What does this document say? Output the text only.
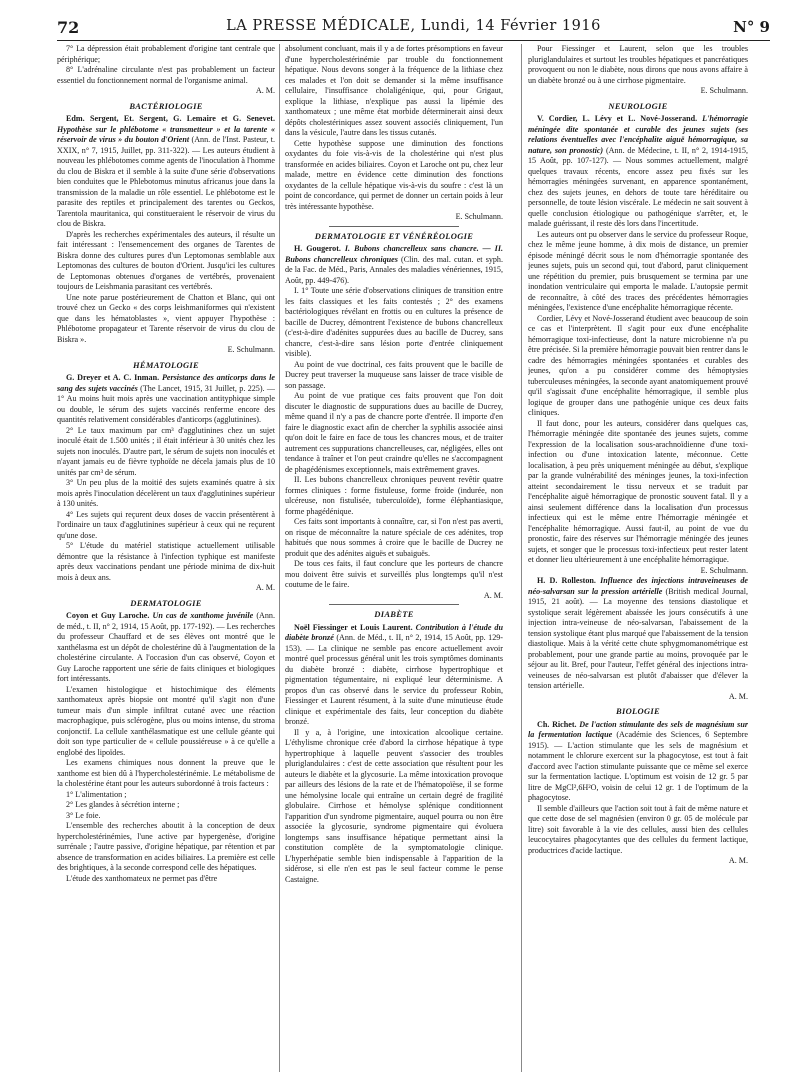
72	LA PRESSE MÉDICALE, Lundi, 14 Février 1916	N° 9

7° La dépression était probablement d'origine tant centrale que périphérique;

8° L'adrénaline circulante n'est pas probablement un facteur essentiel du fonctionnement normal de l'organisme animal.

A. M.

BACTÉRIOLOGIE

Edm. Sergent, Et. Sergent, G. Lemaire et G. Senevet. Hypothèse sur le phlébotome « transmetteur » et la tarente « réservoir de virus » du bouton d'Orient (Ann. de l'Inst. Pasteur, t. XXIX, n° 7, 1915, Juillet, pp. 311-322). — Les auteurs étudient à nouveau les phlébotomes comme agents de l'inoculation à l'homme du clou de Biskra et il semble à la suite d'une série d'observations bien conduites que le Phlebotomus minutus africanus joue dans la transmission de la maladie un rôle essentiel. Le phlébotome est le parasite des reptiles et principalement des tarentes ou Geckos, Tarentola mauritanica, qui constitueraient le réservoir de virus du clou de Biskra.

D'après les recherches expérimentales des auteurs, il résulte un fait intéressant : l'ensemencement des organes de Tarentes de Biskra donne des cultures pures d'un Leptomonas semblable aux Leptomonas des cultures de bouton d'Orient. Jusqu'ici les cultures de Leptomonas obtenues d'organes de vertébrés, provenaient toujours de Leishmania parasitant ces vertébrés.

Une note parue postérieurement de Chatton et Blanc, qui ont trouvé chez un Gecko « des corps leishmaniformes qui n'existent que dans les hématoblastes », vient appuyer l'hypothèse : Phlébotome propagateur et Tarente réservoir de virus du clou de Biskra ».

E. Schulmann.

HÉMATOLOGIE

G. Dreyer et A. C. Inman. Persistance des anticorps dans le sang des sujets vaccinés (The Lancet, 1915, 31 Juillet, p. 225). — 1° Au moins huit mois après une vaccination antityphique simple ou double, le sérum des sujets vaccinés renferme encore des quantités relativement considérables d'anticorps (agglutinines).

2° Le taux maximum par cm³ d'agglutinines chez un sujet inoculé était de 1.500 unités ; il était inférieur à 30 unités chez les sujets non inoculés. D'autre part, le sérum de sujets non inoculés et n'ayant jamais eu de fièvre typhoïde ne décela jamais plus de 10 unités par cm³ de sérum.

3° Un peu plus de la moitié des sujets examinés quatre à six mois après l'inoculation décelèrent un taux d'agglutinines supérieur à 130 unités.

4° Les sujets qui reçurent deux doses de vaccin présentèrent à l'ordinaire un taux d'agglutinines supérieur à ceux qui ne reçurent qu'une dose.

5° L'étude du matériel statistique actuellement utilisable démontre que la résistance à l'infection typhique est manifeste après deux vaccinations pendant une période minima de dix-huit mois à deux ans.

A. M.

DERMATOLOGIE

Coyon et Guy Laroche. Un cas de xanthome juvénile (Ann. de méd., t. II, n° 2, 1914, 15 Août, pp. 177-192). — Les recherches du professeur Chauffard et de ses élèves ont montré que le xanthélasma est un dépôt de cholestérine dû à l'augmentation de la cholestérine circulante. A l'occasion d'un cas observé, Coyon et Guy Laroche rapportent une série de faits cliniques et biologiques fort intéressants.

L'examen histologique et histochimique des éléments xanthomateux après biopsie ont montré qu'il s'agit non d'une tumeur mais d'un simple infiltrat cutané avec une réaction macrophagique, puis sclérogène, plus ou moins intense, du stroma conjonctif. La cellule xanthélasmatique est une cellule géante qui doit son type particulier de « cellule poussiéreuse » à ce qu'elle a englobé des lipoïdes.

Les examens chimiques nous donnent la preuve que le xanthome est bien dû à l'hypercholestérinémie. Le métabolisme de la cholestérine étant pour les auteurs subordonné à trois facteurs :

1° L'alimentation ;

2° Les glandes à sécrétion interne ;

3° Le foie.

L'ensemble des recherches aboutit à la conception de deux hypercholestérinémies, l'une active par hypergenèse, d'origine surrénale ; l'autre passive, d'origine hépatique, par rétention et par absence de transformation en acides biliaires. La première est celle des brightiques, à la seconde correspond celle des hépatiques.

L'étude des xanthomateux ne permet pas d'être

absolument concluant, mais il y a de fortes présomptions en faveur d'une hypercholestérinémie par trouble du fonctionnement hépatique. Nous devons songer à la fréquence de la lithiase chez ces malades et l'on doit se demander si la même insuffisance cellulaire, l'insuffisance cholaligénique, qui, pour Grigaut, explique la lithiase, n'explique pas aussi la lipémie des xanthomateux ; une même état morbide déterminerait ainsi deux dépôts cholestériniques assez souvent associés cliniquement, l'un dans la vésicule, l'autre dans les tissus cutanés.

Cette hypothèse suppose une diminution des fonctions oxydantes du foie vis-à-vis de la cholestérine qui n'est plus transformée en acides biliaires. Coyon et Laroche ont pu, chez leur malade, mettre en évidence cette diminution des fonctions oxydantes de la cellule hépatique vis-à-vis du soufre : c'est là un point de concordance, qui permet de donner un certain poids à leur très intéressante hypothèse.

E. Schulmann.

DERMATOLOGIE ET VÉNÉRÉOLOGIE

H. Gougerot. I. Bubons chancrelleux sans chancre. — II. Bubons chancrelleux chroniques (Clin. des mal. cutan. et syph. de la Fac. de Méd., Paris, Annales des maladies vénériennes, 1915, Août, pp. 449-476).

I. 1° Toute une série d'observations cliniques de transition entre les faits classiques et les faits contestés ; 2° des examens bactériologiques révélant en frottis ou en cultures la présence de bacille de Ducrey, démontrent l'existence de bubons chancrelleux (c'est-à-dire d'adénites suppurées dues au bacille de Ducrey, sans chancre, c'est-à-dire sans lésion porte d'entrée cliniquement visible).

Au point de vue doctrinal, ces faits prouvent que le bacille de Ducrey peut traverser la muqueuse sans laisser de trace visible de son passage.

Au point de vue pratique ces faits prouvent que l'on doit discuter le diagnostic de suppurations dues au bacille de Ducrey, même quand il n'y a pas de chancre porte d'entrée. Il importe d'en faire le diagnostic exact afin de chercher la syphilis associée ainsi qu'on doit le faire en face de tous les chancres mous, et de traiter autrement ces suppurations chancrelleuses, car, négligées, elles ont tendance à traîner et l'on peut craindre qu'elles ne s'accompagnent de phagédénismes exceptionnels, mais extrêmement graves.

II. Les bubons chancrelleux chroniques peuvent revêtir quatre formes cliniques : forme fistuleuse, forme froide (indurée, non ulcéreuse, non fistulisée, tuberculoïde), forme éléphantiasique, forme phagédénique.

Ces faits sont importants à connaître, car, si l'on n'est pas averti, on risque de méconnaître la nature spéciale de ces adénites, trop habitués que nous sommes à croire que le bacille de Ducrey ne produit que des adénites aiguës et subaiguës.

De tous ces faits, il faut conclure que les porteurs de chancre mou doivent être suivis et surveillés plus longtemps qu'il n'est coutume de le faire.

A. M.

DIABÈTE

Noël Fiessinger et Louis Laurent. Contribution à l'étude du diabète bronzé (Ann. de Méd., t. II, n° 2, 1914, 15 Août, pp. 129-153). — La clinique ne semble pas encore actuellement avoir montré quel processus général unit les trois symptômes dominants du diabète bronzé : diabète, cirrhose hypertrophique et pigmentation tégumentaire, ni expliqué leur déterminisme. A propos d'un cas observé dans le service du professeur Robin, Fiessinger et Laurent résument, à la suite d'une minutieuse étude clinique et expérimentale des faits, leur conception du diabète bronzé.

Il y a, à l'origine, une intoxication alcoolique certaine. L'éthylisme chronique crée d'abord la cirrhose hépatique à type hypertrophique à laquelle peuvent s'associer des troubles pluriglandulaires : c'est de cette association que résultent pour les auteurs le diabète et la glycosurie. La même intoxication provoque par ailleurs des lésions de la rate et de l'hématopoïèse, il se forme une hémolysine locale qui entraîne un certain degré de fragilité globulaire. Cirrhose et hémolyse splénique conditionnent l'apparition d'un syndrome pigmentaire, auquel pourra ou non être associée la glycosurie, syndrome pigmentaire qui évoluera longtemps sans insuffisance hépatique permettant ainsi la constitution complète de la symptomatologie clinique. L'hyperhépatie semble bien indispensable à l'apparition de la sidérose, si elle n'en est pas le seul facteur comme le pense Castaigne.

Pour Fiessinger et Laurent, selon que les troubles pluriglandulaires et surtout les troubles hépatiques et pancréatiques provoquent ou non le diabète, nous dirons que nous avons affaire à un diabète bronzé ou à une cirrhose pigmentaire.

E. Schulmann.

NEUROLOGIE

V. Cordier, L. Lévy et L. Nové-Josserand. L'hémorragie méningée dite spontanée et curable des jeunes sujets (ses relations éventuelles avec l'encéphalite aiguë hémorragique, sa nature, son pronostic) (Ann. de Médecine, t. II, n° 2, 1914-1915, 15 Août, pp. 107-127). — Nous sommes actuellement, malgré quelques travaux récents, encore assez peu fixés sur les hémorragies méningées survenant, en apparence spontanément, chez des sujets jeunes, en dehors de toute tare héréditaire ou personnelle, de toute lésion viscérale. Le médecin ne sait souvent à quelle conclusion étiologique ou pathogénique s'arrêter, et, le malade guérissant, il reste dès lors dans l'incertitude.

Les auteurs ont pu observer dans le service du professeur Roque, chez le même jeune homme, à dix mois de distance, un premier épisode méningé décrit sous le nom d'hémorragie spontanée des jeunes sujets, puis un second qui, tout d'abord, parut cliniquement une répétition du premier, puis brusquement se termina par une inondation ventriculaire qui emporta le malade. L'autopsie permit de reconnaître, à côté des traces des précédentes hémorragies méningées, l'existence d'une encéphalite hémorragique récente.

Cordier, Lévy et Nové-Josserand étudient avec beaucoup de soin ce cas et l'interprètent. Il s'agit pour eux d'une encéphalite hémorragique toxi-infectieuse, dont la nature microbienne n'a pu être précisée. Si la première hémorragie pouvait bien rentrer dans le cadre des hémorragies méningées spontanées et curables des jeunes, qu'on a pu considérer comme des hémoptysies tuberculeuses méningées, la seconde ayant anatomiquement prouvé qu'il s'agissait d'une encéphalite hémorragique, il semble plus logique de grouper dans une pathogénie unique ces deux faits cliniques.

Il faut donc, pour les auteurs, considérer dans quelques cas, l'hémorragie méningée dite spontanée des jeunes sujets, comme l'expression de la localisation sous-arachnoïdienne d'une toxi-infection ou d'une intoxication latente, méconnue. Cette localisation, à peu près uniquement méningée au début, s'explique par la grande vulnérabilité des méninges jeunes, la toxi-infection atteint secondairement le tissu nerveux et se traduit par l'encéphalite aiguë hémorragique de pronostic souvent fatal. Il y a ainsi seulement différence dans la localisation d'un processus infectieux qui est le même entre l'hémorragie méningée et l'encéphalite hémorragique. Aussi faut-il, au point de vue du pronostic, faire des réserves sur l'hémorragie méningée des jeunes sujets, et songer que le processus toxi-infectieux peut rester latent et donner lieu ultérieurement à une encéphalite hémorragique.

E. Schulmann.

H. D. Rolleston. Influence des injections intraveineuses de néo-salvarsan sur la pression artérielle (British medical Journal, 1915, 21 août). — La moyenne des tensions diastolique et systolique serait légèrement abaissée les jours consécutifs à une injection intra-veineuse de néo-salvarsan, l'abaissement de la tension systolique étant plus marqué que l'abaissement de la tension diastolique. Mais à la vérité cette chute sphygmomanométrique est probablement, pour une grande partie au moins, provoquée par le séjour au lit. Bref, pour l'auteur, l'effet général des injections intra-veineuses de néo-salvarsan est plutôt d'abaisser que d'élever la tension artérielle.

A. M.

BIOLOGIE

Ch. Richet. De l'action stimulante des sels de magnésium sur la fermentation lactique (Académie des Sciences, 6 Septembre 1915). — L'action stimulante que les sels de magnésium et notamment le chlorure exercent sur la phagocytose, est tout à fait d'accord avec l'action stimulante puissante que ce même sel exerce sur la fermentation lactique. L'optimum est voisin de 12 gr. 5 par litre de MgCl²,6H²O, voisin de celui 12 gr. 1 de l'optimum de la phagocytose.

Il semble d'ailleurs que l'action soit tout à fait de même nature et que cette dose de sel magnésien (environ 0 gr. 05 de molécule par litre) soit favorable à la vie des cellules, aussi bien des cellules leucocytaires phagocytantes que des cellules du ferment lactique, productrices d'acide lactique.

A. M.
